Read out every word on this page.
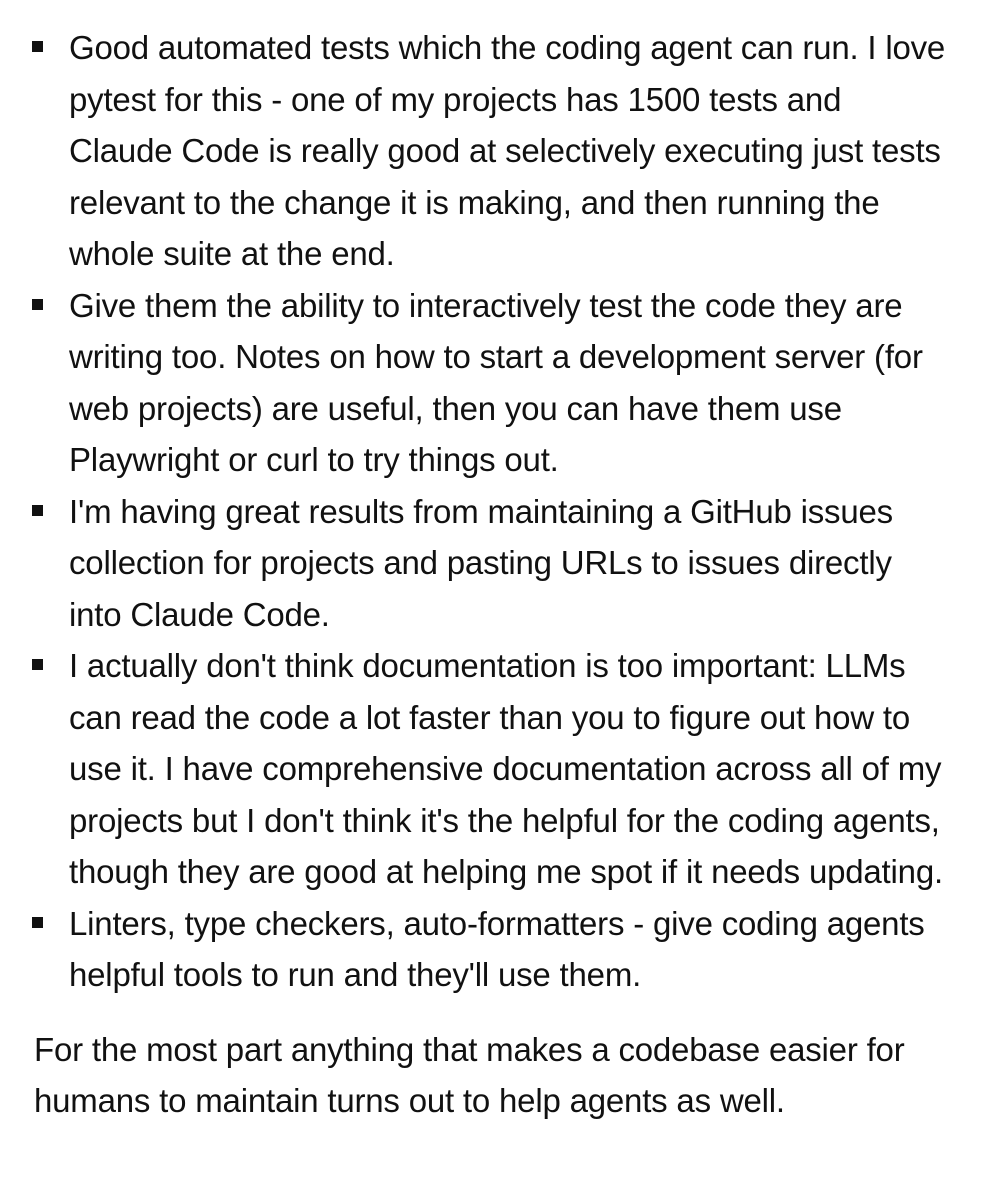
Good automated tests which the coding agent can run. I love pytest for this - one of my projects has 1500 tests and Claude Code is really good at selectively executing just tests relevant to the change it is making, and then running the whole suite at the end.
Give them the ability to interactively test the code they are writing too. Notes on how to start a development server (for web projects) are useful, then you can have them use Playwright or curl to try things out.
I'm having great results from maintaining a GitHub issues collection for projects and pasting URLs to issues directly into Claude Code.
I actually don't think documentation is too important: LLMs can read the code a lot faster than you to figure out how to use it. I have comprehensive documentation across all of my projects but I don't think it's the helpful for the coding agents, though they are good at helping me spot if it needs updating.
Linters, type checkers, auto-formatters - give coding agents helpful tools to run and they'll use them.

For the most part anything that makes a codebase easier for humans to maintain turns out to help agents as well.
